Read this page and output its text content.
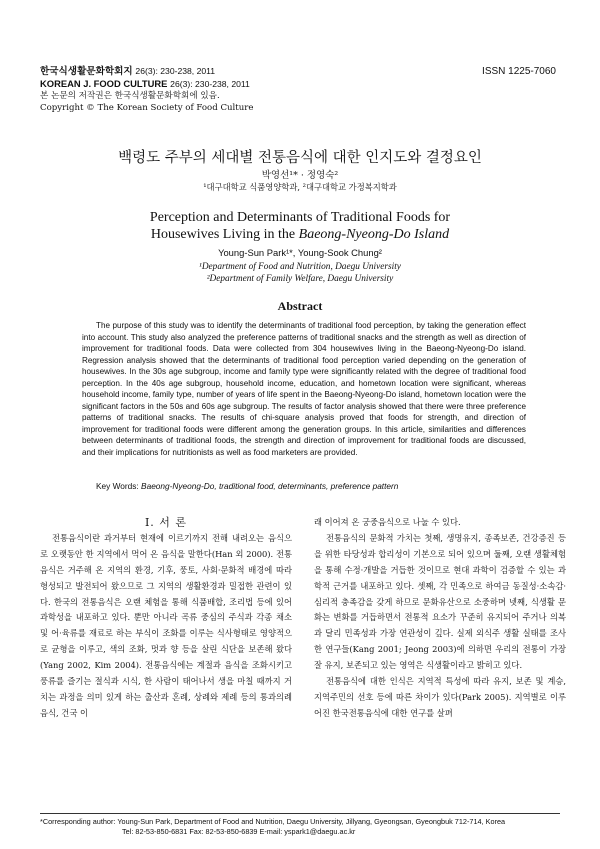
한국식생활문화학회지 26(3): 230-238, 2011
KOREAN J. FOOD CULTURE 26(3): 230-238, 2011
본 논문의 저작권은 한국식생활문화학회에 있음.
Copyright © The Korean Society of Food Culture
ISSN 1225-7060
백령도 주부의 세대별 전통음식에 대한 인지도와 결정요인
박영선¹* · 정영숙²
¹대구대학교 식품영양학과, ²대구대학교 가정복지학과
Perception and Determinants of Traditional Foods for
Housewives Living in the Baeong-Nyeong-Do Island
Young-Sun Park¹*, Young-Sook Chung²
¹Department of Food and Nutrition, Daegu University
²Department of Family Welfare, Daegu University
Abstract

The purpose of this study was to identify the determinants of traditional food perception, by taking the generation effect into account. This study also analyzed the preference patterns of traditional snacks and the strength as well as direction of improvement for traditional foods. Data were collected from 304 housewives living in the Baeong-Nyeong-Do island. Regression analysis showed that the determinants of traditional food perception varied depending on the generation of housewives. In the 30s age subgroup, income and family type were significantly related with the degree of traditional food perception. In the 40s age subgroup, household income, education, and hometown location were significant, whereas household income, family type, number of years of life spent in the Baeong-Nyeong-Do island, hometown location were the significant factors in the 50s and 60s age subgroup. The results of factor analysis showed that there were three preference patterns of traditional snacks. The results of chi-square analysis proved that foods for strength, and direction of improvement for traditional foods were different among the generation groups. In this article, similarities and differences between determinants of traditional foods, the strength and direction of improvement for traditional foods are discussed, and their implications for nutritionists as well as food marketers are provided.

Key Words: Baeong-Nyeong-Do, traditional food, determinants, preference pattern

Ⅰ. 서 론

전통음식이란 과거부터 현재에 이르기까지 전해 내려오는 음식으로 오랫동안 한 지역에서 먹어 온 음식을 말한다(Han 외 2000). 전통음식은 거주해 온 지역의 환경, 기후, 풍토, 사회·문화적 배경에 따라 형성되고 발전되어 왔으므로 그 지역의 생활환경과 밀접한 관련이 있다. 한국의 전통음식은 오랜 체험을 통해 식품배합, 조리법 등에 있어 과학성을 내포하고 있다. 뿐만 아니라 곡류 중심의 주식과 각종 채소 및 어·육류를 재료로 하는 부식이 조화를 이루는 식사형태로 영양적으로 균형을 이루고, 색의 조화, 멋과 향 등을 살린 식단을 보존해 왔다(Yang 2002, Kim 2004). 전통음식에는 계절과 음식을 조화시키고 풍류를 즐기는 절식과 시식, 한 사람이 태어나서 생을 마칠 때까지 거치는 과정을 의미 있게 하는 출산과 혼례, 상례와 제례 등의 통과의례 음식, 건국 이

래 이어져 온 궁중음식으로 나눌 수 있다.

전통음식의 문화적 가치는 첫째, 생명유지, 종족보존, 건강증진 등을 위한 타당성과 합리성이 기본으로 되어 있으며 둘째, 오랜 생활체험을 통해 수정·개발을 거듭한 것이므로 현대 과학이 검증할 수 있는 과학적 근거를 내포하고 있다. 셋째, 각 민족으로 하여금 동질성·소속감·심리적 충족감을 갖게 하므로 문화유산으로 소중하며 넷째, 식생활 문화는 변화를 거듭하면서 전통적 요소가 꾸준히 유지되어 주거나 의복과 달리 민족성과 가장 연관성이 깊다. 실제 외식주 생활 실태를 조사한 연구들(Kang 2001; Jeong 2003)에 의하면 우리의 전통이 가장 잘 유지, 보존되고 있는 영역은 식생활이라고 밝히고 있다.

전통음식에 대한 인식은 지역적 특성에 따라 유지, 보존 및 계승, 지역주민의 선호 등에 따른 차이가 있다(Park 2005). 지역별로 이루어진 한국전통음식에 대한 연구를 살펴

*Corresponding author: Young-Sun Park, Department of Food and Nutrition, Daegu University, Jillyang, Gyeongsan, Gyeongbuk 712-714, Korea
Tel: 82-53-850-6831 Fax: 82-53-850-6839 E-mail: yspark1@daegu.ac.kr
